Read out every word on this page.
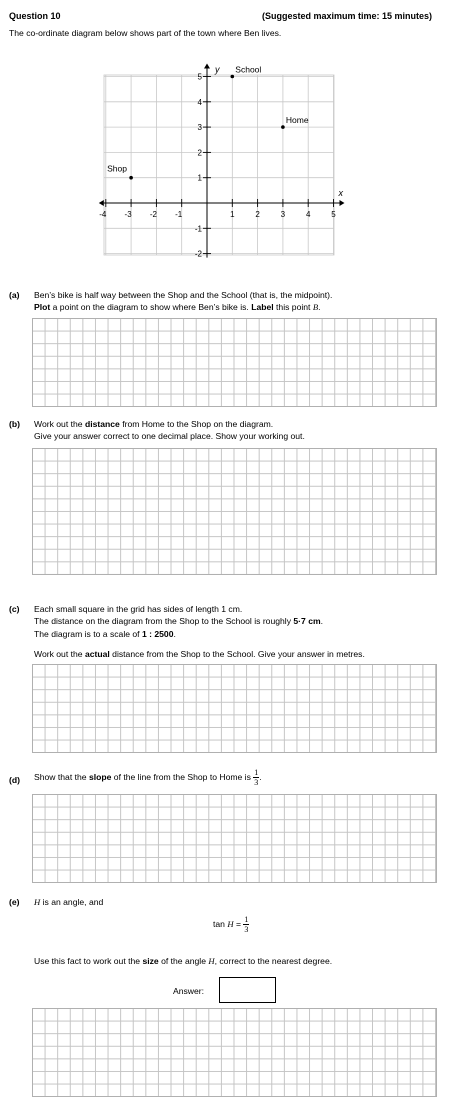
Question 10	(Suggested maximum time: 15 minutes)
The co-ordinate diagram below shows part of the town where Ben lives.
x
y
-4 -3 -2 -1	1	2	3	4	5
5
4
3
2
1
-1
-2
School
Home
Shop
(a) Ben’s bike is half way between the Shop and the School (that is, the midpoint).
Plot a point on the diagram to show where Ben’s bike is. Label this point B.
(b) Work out the distance from Home to the Shop on the diagram.
Give your answer correct to one decimal place. Show your working out.
(c) Each small square in the grid has sides of length 1 cm.
The distance on the diagram from the Shop to the School is roughly 5·7 cm.
The diagram is to a scale of 1 : 2500.
Work out the actual distance from the Shop to the School. Give your answer in metres.
(d) Show that the slope of the line from the Shop to Home is $\frac{1}{3}$ .
(e) H is an angle, and
$\tan H = \frac{1}{3}$
Use this fact to work out the size of the angle H, correct to the nearest degree.
Answer:
